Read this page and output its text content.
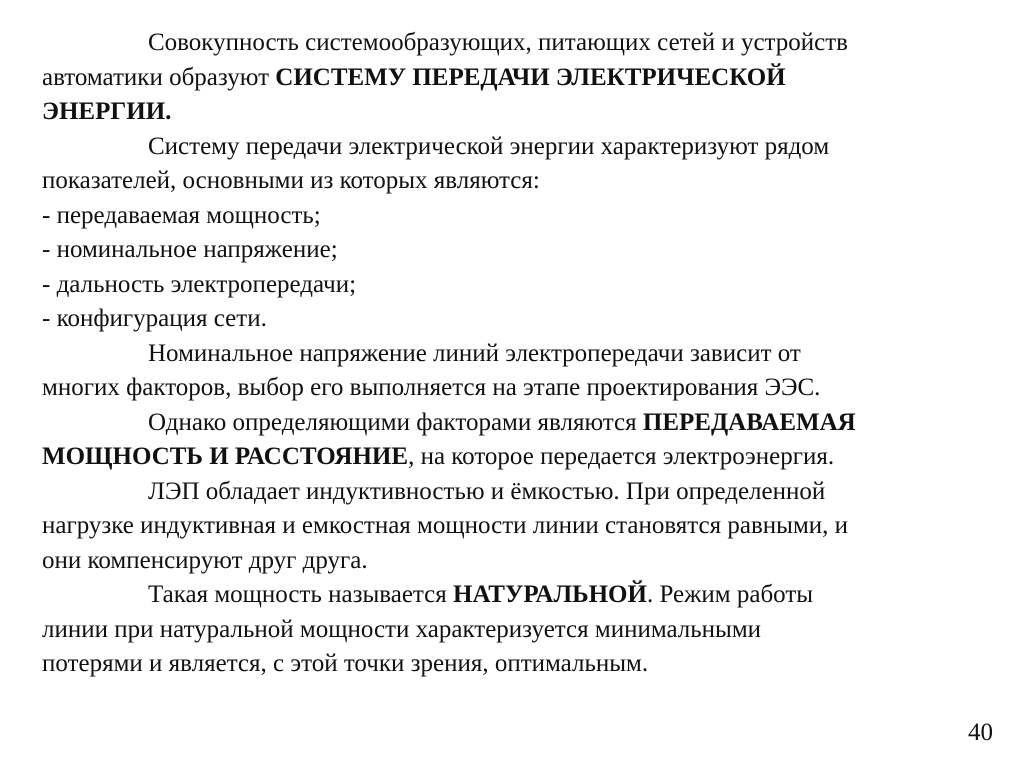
Совокупность системообразующих, питающих сетей и устройств
автоматики образуют СИСТЕМУ ПЕРЕДАЧИ ЭЛЕКТРИЧЕСКОЙ
ЭНЕРГИИ.
Систему передачи электрической энергии характеризуют рядом
показателей, основными из которых являются:
- передаваемая мощность;
- номинальное напряжение;
- дальность электропередачи;
- конфигурация сети.
Номинальное напряжение линий электропередачи зависит от
многих факторов, выбор его выполняется на этапе проектирования ЭЭС.
Однако определяющими факторами являются ПЕРЕДАВАЕМАЯ
МОЩНОСТЬ И РАССТОЯНИЕ, на которое передается электроэнергия.
ЛЭП обладает индуктивностью и ёмкостью. При определенной
нагрузке индуктивная и емкостная мощности линии становятся равными, и
они компенсируют друг друга.
Такая мощность называется НАТУРАЛЬНОЙ. Режим работы
линии при натуральной мощности характеризуется минимальными
потерями и является, с этой точки зрения, оптимальным.
40
